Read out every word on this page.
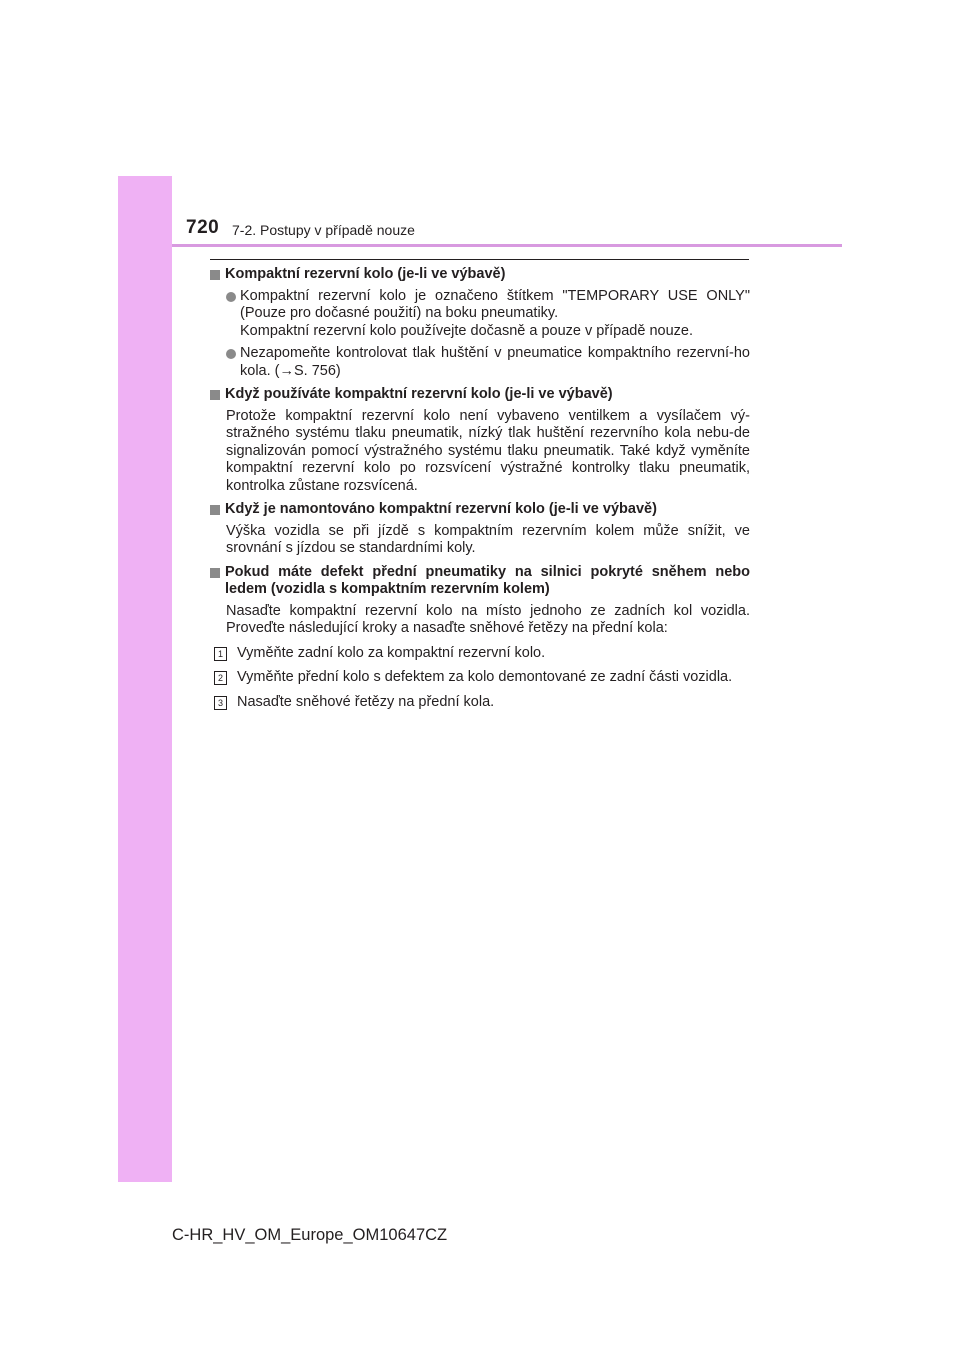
720 7-2. Postupy v případě nouze
Kompaktní rezervní kolo (je-li ve výbavě)
Kompaktní rezervní kolo je označeno štítkem "TEMPORARY USE ONLY" (Pouze pro dočasné použití) na boku pneumatiky.
Kompaktní rezervní kolo používejte dočasně a pouze v případě nouze.
Nezapomeňte kontrolovat tlak huštění v pneumatice kompaktního rezervní-ho kola. (→S. 756)
Když používáte kompaktní rezervní kolo (je-li ve výbavě)
Protože kompaktní rezervní kolo není vybaveno ventilkem a vysílačem vý-stražného systému tlaku pneumatik, nízký tlak huštění rezervního kola nebu-de signalizován pomocí výstražného systému tlaku pneumatik. Také když vyměníte kompaktní rezervní kolo po rozsvícení výstražné kontrolky tlaku pneumatik, kontrolka zůstane rozsvícená.
Když je namontováno kompaktní rezervní kolo (je-li ve výbavě)
Výška vozidla se při jízdě s kompaktním rezervním kolem může snížit, ve srovnání s jízdou se standardními koly.
Pokud máte defekt přední pneumatiky na silnici pokryté sněhem nebo ledem (vozidla s kompaktním rezervním kolem)
Nasaďte kompaktní rezervní kolo na místo jednoho ze zadních kol vozidla. Proveďte následující kroky a nasaďte sněhové řetězy na přední kola:
1 Vyměňte zadní kolo za kompaktní rezervní kolo.
2 Vyměňte přední kolo s defektem za kolo demontované ze zadní části vozidla.
3 Nasaďte sněhové řetězy na přední kola.
C-HR_HV_OM_Europe_OM10647CZ
